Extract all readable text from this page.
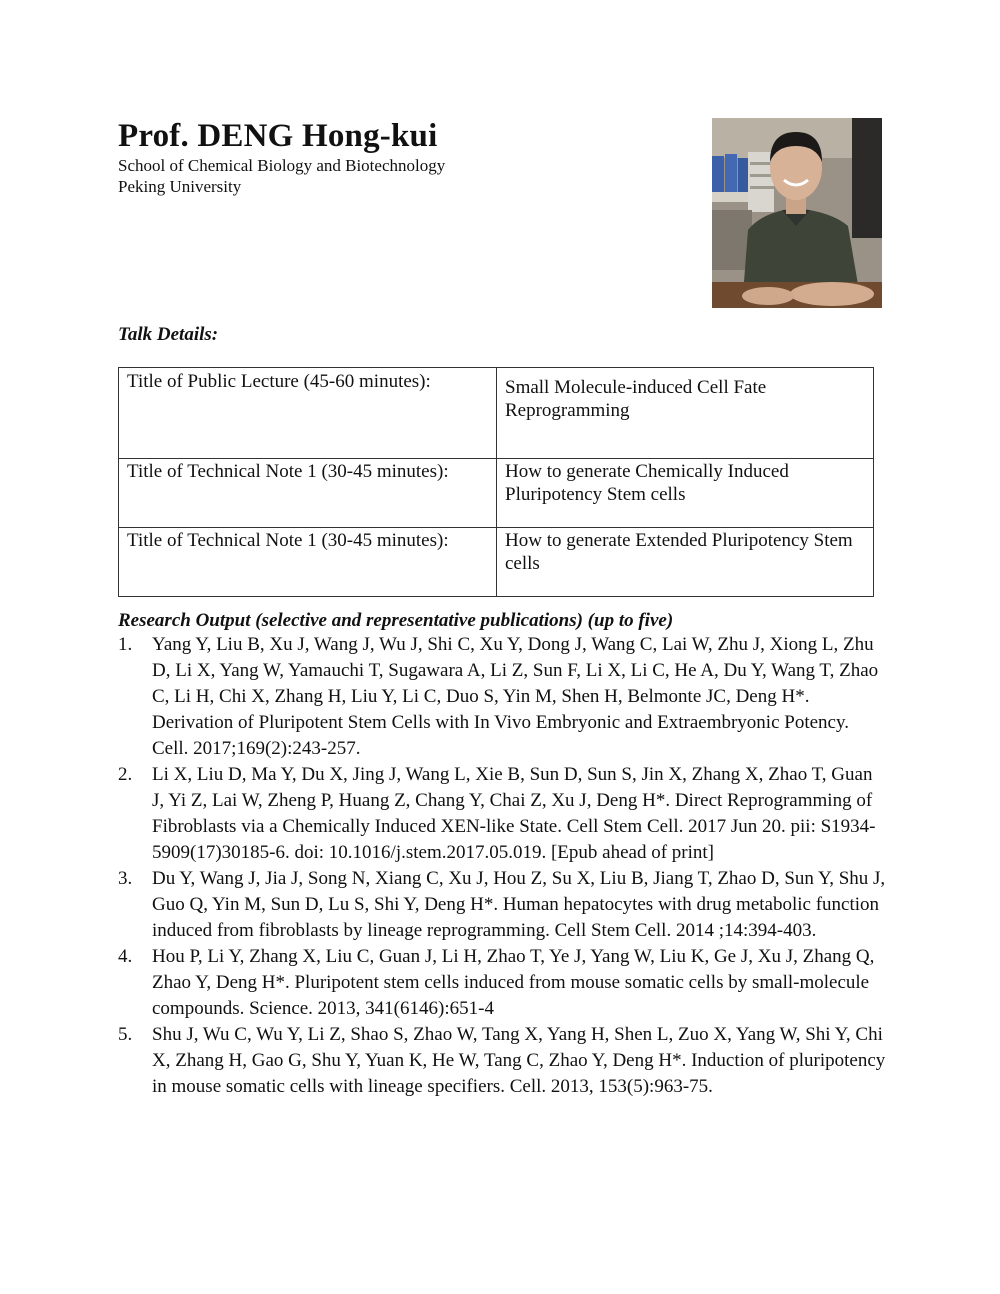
Prof. DENG Hong-kui
School of Chemical Biology and Biotechnology
Peking University
Talk Details:
Title of Public Lecture (45-60 minutes):	Small Molecule-induced Cell Fate Reprogramming
Title of Technical Note 1 (30-45 minutes):	How to generate Chemically Induced Pluripotency Stem cells
Title of Technical Note 1 (30-45 minutes):	How to generate Extended Pluripotency Stem cells
Research Output (selective and representative publications) (up to five)
1. Yang Y, Liu B, Xu J, Wang J, Wu J, Shi C, Xu Y, Dong J, Wang C, Lai W, Zhu J, Xiong L, Zhu D, Li X, Yang W, Yamauchi T, Sugawara A, Li Z, Sun F, Li X, Li C, He A, Du Y, Wang T, Zhao C, Li H, Chi X, Zhang H, Liu Y, Li C, Duo S, Yin M, Shen H, Belmonte JC, Deng H*. Derivation of Pluripotent Stem Cells with In Vivo Embryonic and Extraembryonic Potency. Cell. 2017;169(2):243-257.
2. Li X, Liu D, Ma Y, Du X, Jing J, Wang L, Xie B, Sun D, Sun S, Jin X, Zhang X, Zhao T, Guan J, Yi Z, Lai W, Zheng P, Huang Z, Chang Y, Chai Z, Xu J, Deng H*. Direct Reprogramming of Fibroblasts via a Chemically Induced XEN-like State. Cell Stem Cell. 2017 Jun 20. pii: S1934-5909(17)30185-6. doi: 10.1016/j.stem.2017.05.019. [Epub ahead of print]
3. Du Y, Wang J, Jia J, Song N, Xiang C, Xu J, Hou Z, Su X, Liu B, Jiang T, Zhao D, Sun Y, Shu J, Guo Q, Yin M, Sun D, Lu S, Shi Y, Deng H*. Human hepatocytes with drug metabolic function induced from fibroblasts by lineage reprogramming. Cell Stem Cell. 2014 ;14:394-403.
4. Hou P, Li Y, Zhang X, Liu C, Guan J, Li H, Zhao T, Ye J, Yang W, Liu K, Ge J, Xu J, Zhang Q, Zhao Y, Deng H*. Pluripotent stem cells induced from mouse somatic cells by small-molecule compounds. Science. 2013, 341(6146):651-4
5. Shu J, Wu C, Wu Y, Li Z, Shao S, Zhao W, Tang X, Yang H, Shen L, Zuo X, Yang W, Shi Y, Chi X, Zhang H, Gao G, Shu Y, Yuan K, He W, Tang C, Zhao Y, Deng H*. Induction of pluripotency in mouse somatic cells with lineage specifiers. Cell. 2013, 153(5):963-75.
